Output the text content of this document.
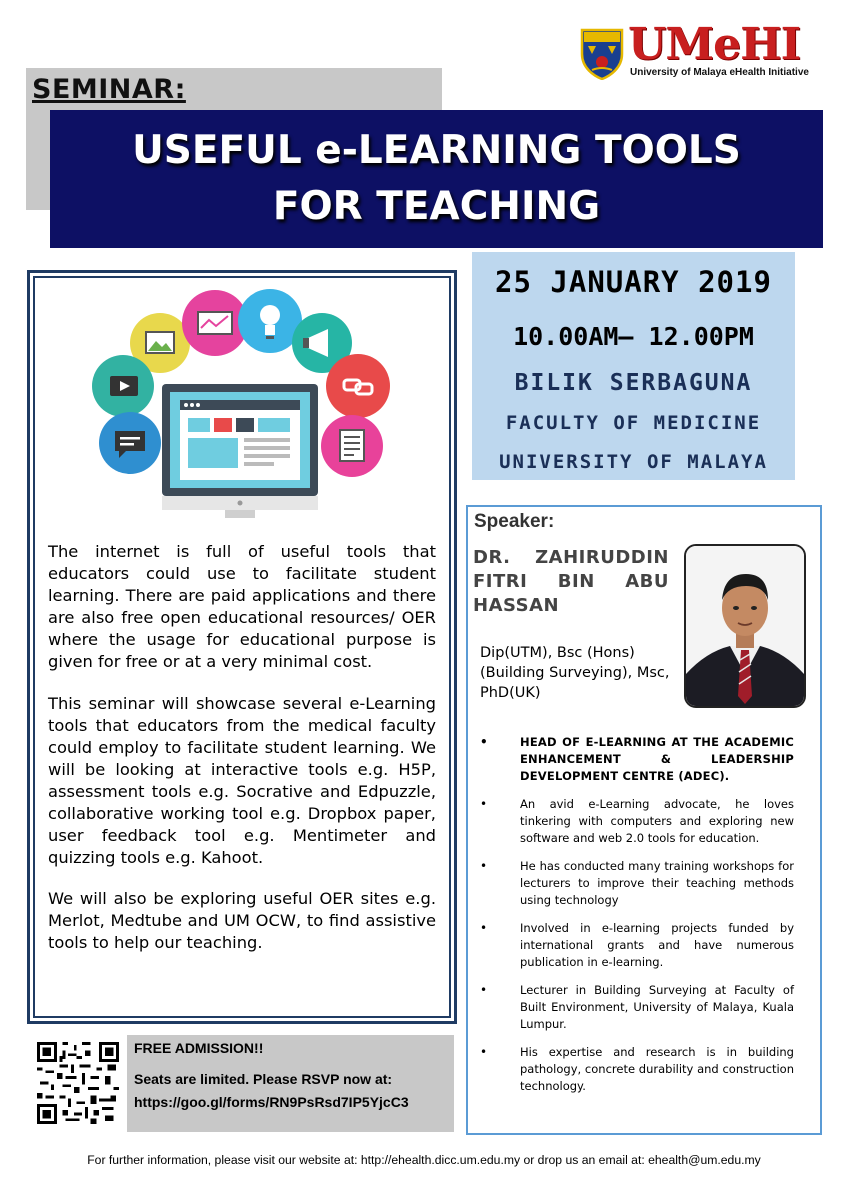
SEMINAR:
UMeHI
University of Malaya eHealth Initiative
USEFUL e-LEARNING TOOLS
FOR TEACHING
25 JANUARY 2019
10.00AM– 12.00PM
BILIK SERBAGUNA
FACULTY OF MEDICINE
UNIVERSITY OF MALAYA
The internet is full of useful tools that educators could use to facilitate student learning. There are paid applications and there are also free open educational resources/ OER where the usage for educational purpose is given for free or at a very minimal cost.
This seminar will showcase several e-Learning tools that educators from the medical faculty could employ to facilitate student learning. We will be looking at interactive tools e.g. H5P, assessment tools e.g. Socrative and Edpuzzle, collaborative working tool e.g. Dropbox paper, user feedback tool e.g. Mentimeter and quizzing tools e.g. Kahoot.
We will also be exploring useful OER sites e.g. Merlot, Medtube and UM OCW, to find assistive tools to help our teaching.
Speaker:
DR. ZAHIRUDDIN FITRI BIN ABU HASSAN
Dip(UTM), Bsc (Hons) (Building Surveying), Msc, PhD(UK)
• HEAD OF E-LEARNING AT THE ACADEMIC ENHANCEMENT & LEADERSHIP DEVELOPMENT CENTRE (ADEC).
• An avid e-Learning advocate, he loves tinkering with computers and exploring new software and web 2.0 tools for education.
• He has conducted many training workshops for lecturers to improve their teaching methods using technology
• Involved in e-learning projects funded by international grants and have numerous publication in e-learning.
• Lecturer in Building Surveying at Faculty of Built Environment, University of Malaya, Kuala Lumpur.
• His expertise and research is in building pathology, concrete durability and construction technology.
FREE ADMISSION!!
Seats are limited. Please RSVP now at:
https://goo.gl/forms/RN9PsRsd7IP5YjcC3
For further information, please visit our website at: http://ehealth.dicc.um.edu.my or drop us an email at: ehealth@um.edu.my
